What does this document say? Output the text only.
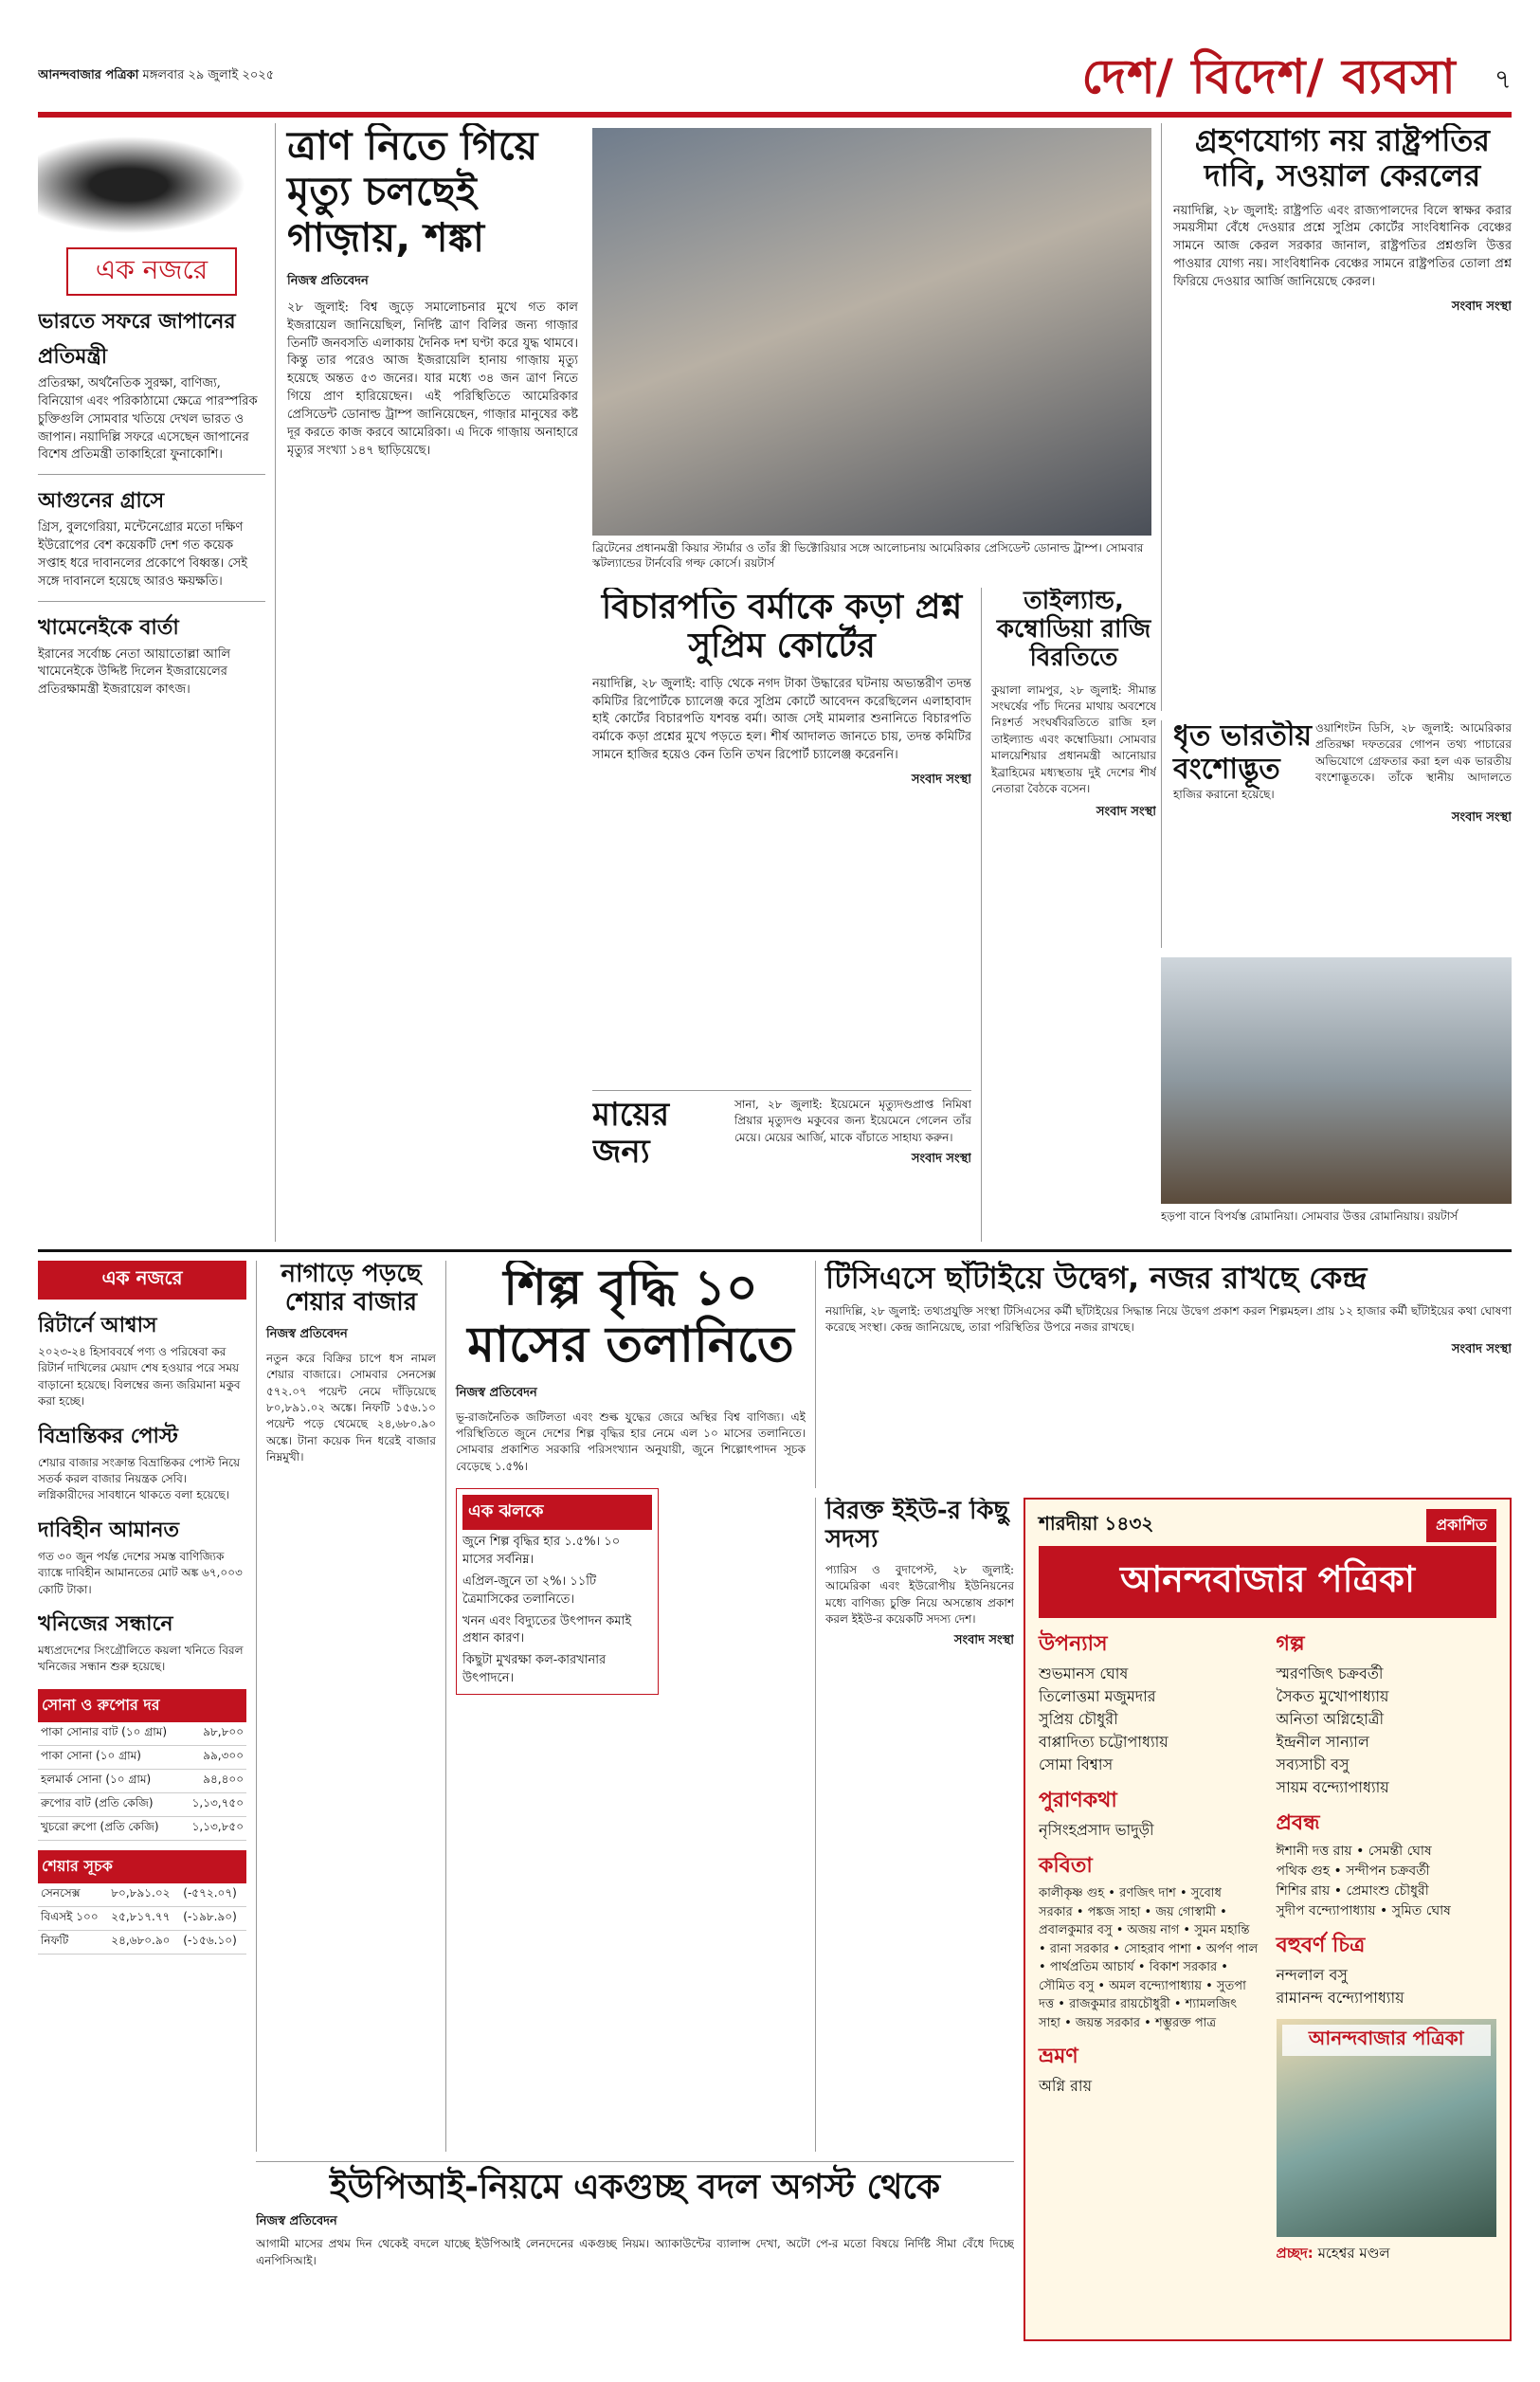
আনন্দবাজার পত্রিকা মঙ্গলবার ২৯ জুলাই ২০২৫	দেশ/ বিদেশ/ ব্যবসা ৭
এক নজরে
ভারতে সফরে জাপানের প্রতিমন্ত্রী
প্রতিরক্ষা, অর্থনৈতিক সুরক্ষা, বাণিজ্য, বিনিয়োগ এবং পরিকাঠামো ক্ষেত্রে পারস্পরিক চুক্তিগুলি সোমবার খতিয়ে দেখল ভারত ও জাপান। নয়াদিল্লি সফরে এসেছেন জাপানের বিশেষ প্রতিমন্ত্রী তাকাহিরো ফুনাকোশি।
আগুনের গ্রাসে
গ্রিস, বুলগেরিয়া, মন্টেনেগ্রোর মতো দক্ষিণ ইউরোপের বেশ কয়েকটি দেশ গত কয়েক সপ্তাহ ধরে দাবানলের প্রকোপে বিধ্বস্ত। সেই সঙ্গে দাবানলে হয়েছে আরও ক্ষয়ক্ষতি।
খামেনেইকে বার্তা
ইরানের সর্বোচ্চ নেতা আয়াতোল্লা আলি খামেনেইকে উদ্দিষ্ট দিলেন ইজরায়েলের প্রতিরক্ষামন্ত্রী ইজরায়েল কাৎজ।
ত্রাণ নিতে গিয়ে মৃত্যু চলছেই গাজ়ায়, শঙ্কা
নিজস্ব প্রতিবেদন
২৮ জুলাই: বিশ্ব জুড়ে সমালোচনার মুখে গত কাল ইজরায়েল জানিয়েছিল, নির্দিষ্ট ত্রাণ বিলির জন্য গাজ়ার তিনটি জনবসতি এলাকায় দৈনিক দশ ঘণ্টা করে যুদ্ধ থামবে। কিন্তু তার পরেও আজ ইজরায়েলি হানায় গাজ়ায় মৃত্যু হয়েছে অন্তত ৫৩ জনের। যার মধ্যে ৩৪ জন ত্রাণ নিতে গিয়ে প্রাণ হারিয়েছেন। এই পরিস্থিতিতে আমেরিকার প্রেসিডেন্ট ডোনাল্ড ট্রাম্প জানিয়েছেন, গাজ়ার মানুষের কষ্ট দূর করতে কাজ করবে আমেরিকা। এ দিকে গাজ়ায় অনাহারে মৃত্যুর সংখ্যা ১৪৭ ছাড়িয়েছে।
ব্রিটেনের প্রধানমন্ত্রী কিয়ার স্টার্মার ও তাঁর স্ত্রী ভিক্টোরিয়ার সঙ্গে আলোচনায় আমেরিকার প্রেসিডেন্ট ডোনাল্ড ট্রাম্প। সোমবার স্কটল্যান্ডের টার্নবেরি গল্ফ কোর্সে। রয়টার্স
গ্রহণযোগ্য নয় রাষ্ট্রপতির দাবি, সওয়াল কেরলের
নয়াদিল্লি, ২৮ জুলাই: রাষ্ট্রপতি এবং রাজ্যপালদের বিলে স্বাক্ষর করার সময়সীমা বেঁধে দেওয়ার প্রশ্নে সুপ্রিম কোর্টের সাংবিধানিক বেঞ্চের সামনে আজ কেরল সরকার জানাল, রাষ্ট্রপতির প্রশ্নগুলি উত্তর পাওয়ার যোগ্য নয়। সাংবিধানিক বেঞ্চের সামনে রাষ্ট্রপতির তোলা প্রশ্ন ফিরিয়ে দেওয়ার আর্জি জানিয়েছে কেরল।
সংবাদ সংস্থা
বিচারপতি বর্মাকে কড়া প্রশ্ন সুপ্রিম কোর্টের
নয়াদিল্লি, ২৮ জুলাই: বাড়ি থেকে নগদ টাকা উদ্ধারের ঘটনায় অভ্যন্তরীণ তদন্ত কমিটির রিপোর্টকে চ্যালেঞ্জ করে সুপ্রিম কোর্টে আবেদন করেছিলেন এলাহাবাদ হাই কোর্টের বিচারপতি যশবন্ত বর্মা। আজ সেই মামলার শুনানিতে বিচারপতি বর্মাকে কড়া প্রশ্নের মুখে পড়তে হল। শীর্ষ আদালত জানতে চায়, তদন্ত কমিটির সামনে হাজির হয়েও কেন তিনি তখন রিপোর্ট চ্যালেঞ্জ করেননি।
সংবাদ সংস্থা
তাইল্যান্ড, কম্বোডিয়া রাজি বিরতিতে
কুয়ালা লামপুর, ২৮ জুলাই: সীমান্ত সংঘর্ষের পাঁচ দিনের মাথায় অবশেষে নিঃশর্ত সংঘর্ষবিরতিতে রাজি হল তাইল্যান্ড এবং কম্বোডিয়া। সোমবার মালয়েশিয়ার প্রধানমন্ত্রী আনোয়ার ইব্রাহিমের মধ্যস্থতায় দুই দেশের শীর্ষ নেতারা বৈঠকে বসেন।
সংবাদ সংস্থা
ধৃত ভারতীয় বংশোদ্ভূত
ওয়াশিংটন ডিসি, ২৮ জুলাই: আমেরিকার প্রতিরক্ষা দফতরের গোপন তথ্য পাচারের অভিযোগে গ্রেফতার করা হল এক ভারতীয় বংশোদ্ভূতকে। তাঁকে স্থানীয় আদালতে হাজির করানো হয়েছে।
সংবাদ সংস্থা
মায়ের জন্য
সানা, ২৮ জুলাই: ইয়েমেনে মৃত্যুদণ্ডপ্রাপ্ত নিমিষা প্রিয়ার মৃত্যুদণ্ড মকুবের জন্য ইয়েমেনে গেলেন তাঁর মেয়ে। মেয়ের আর্জি, মাকে বাঁচাতে সাহায্য করুন।
সংবাদ সংস্থা
হড়পা বানে বিপর্যস্ত রোমানিয়া। সোমবার উত্তর রোমানিয়ায়। রয়টার্স
এক নজরে
রিটার্নে আশ্বাস
২০২৩-২৪ হিসাববর্ষে পণ্য ও পরিষেবা কর রিটার্ন দাখিলের মেয়াদ শেষ হওয়ার পরে সময় বাড়ানো হয়েছে। বিলম্বের জন্য জরিমানা মকুব করা হচ্ছে।
বিভ্রান্তিকর পোস্ট
শেয়ার বাজার সংক্রান্ত বিভ্রান্তিকর পোস্ট নিয়ে সতর্ক করল বাজার নিয়ন্ত্রক সেবি। লগ্নিকারীদের সাবধানে থাকতে বলা হয়েছে।
দাবিহীন আমানত
গত ৩০ জুন পর্যন্ত দেশের সমস্ত বাণিজ্যিক ব্যাঙ্কে দাবিহীন আমানতের মোট অঙ্ক ৬৭,০০৩ কোটি টাকা।
খনিজের সন্ধানে
মধ্যপ্রদেশের সিংগ্রৌলিতে কয়লা খনিতে বিরল খনিজের সন্ধান শুরু হয়েছে।
সোনা ও রুপোর দর
পাকা সোনার বাট (১০ গ্রাম)	৯৮,৮০০
পাকা সোনা (১০ গ্রাম)	৯৯,৩০০
হলমার্ক সোনা (১০ গ্রাম)	৯৪,৪০০
রুপোর বাট (প্রতি কেজি)	১,১৩,৭৫০
খুচরো রুপো (প্রতি কেজি)	১,১৩,৮৫০
শেয়ার সূচক
সেনসেক্স	৮০,৮৯১.০২	(-৫৭২.০৭)
বিএসই ১০০	২৫,৮১৭.৭৭	(-১৯৮.৯০)
নিফটি	২৪,৬৮০.৯০	(-১৫৬.১০)
নাগাড়ে পড়ছে শেয়ার বাজার
নিজস্ব প্রতিবেদন
নতুন করে বিক্রির চাপে ধস নামল শেয়ার বাজারে। সোমবার সেনসেক্স ৫৭২.০৭ পয়েন্ট নেমে দাঁড়িয়েছে ৮০,৮৯১.০২ অঙ্কে। নিফটি ১৫৬.১০ পয়েন্ট পড়ে থেমেছে ২৪,৬৮০.৯০ অঙ্কে। টানা কয়েক দিন ধরেই বাজার নিম্নমুখী।
শিল্প বৃদ্ধি ১০ মাসের তলানিতে
নিজস্ব প্রতিবেদন
ভূ-রাজনৈতিক জটিলতা এবং শুল্ক যুদ্ধের জেরে অস্থির বিশ্ব বাণিজ্য। এই পরিস্থিতিতে জুনে দেশের শিল্প বৃদ্ধির হার নেমে এল ১০ মাসের তলানিতে। সোমবার প্রকাশিত সরকারি পরিসংখ্যান অনুযায়ী, জুনে শিল্পোৎপাদন সূচক বেড়েছে ১.৫%।
এক ঝলকে
জুনে শিল্প বৃদ্ধির হার ১.৫%। ১০ মাসের সর্বনিম্ন।
এপ্রিল-জুনে তা ২%। ১১টি ত্রৈমাসিকের তলানিতে।
খনন এবং বিদ্যুতের উৎপাদন কমাই প্রধান কারণ।
কিছুটা মুখরক্ষা কল-কারখানার উৎপাদনে।
টিসিএসে ছাঁটাইয়ে উদ্বেগ, নজর রাখছে কেন্দ্র
নয়াদিল্লি, ২৮ জুলাই: তথ্যপ্রযুক্তি সংস্থা টিসিএসের কর্মী ছাঁটাইয়ের সিদ্ধান্ত নিয়ে উদ্বেগ প্রকাশ করল শিল্পমহল। প্রায় ১২ হাজার কর্মী ছাঁটাইয়ের কথা ঘোষণা করেছে সংস্থা। কেন্দ্র জানিয়েছে, তারা পরিস্থিতির উপরে নজর রাখছে।
সংবাদ সংস্থা
বিরক্ত ইইউ-র কিছু সদস্য
প্যারিস ও বুদাপেস্ট, ২৮ জুলাই: আমেরিকা এবং ইউরোপীয় ইউনিয়নের মধ্যে বাণিজ্য চুক্তি নিয়ে অসন্তোষ প্রকাশ করল ইইউ-র কয়েকটি সদস্য দেশ।
সংবাদ সংস্থা
শারদীয়া ১৪৩২	প্রকাশিত
আনন্দবাজার পত্রিকা
উপন্যাস
শুভমানস ঘোষ
তিলোত্তমা মজুমদার
সুপ্রিয় চৌধুরী
বাপ্পাদিত্য চট্টোপাধ্যায়
সোমা বিশ্বাস
পুরাণকথা
নৃসিংহপ্রসাদ ভাদুড়ী
কবিতা
কালীকৃষ্ণ গুহ • রণজিৎ দাশ • সুবোধ সরকার • পঙ্কজ সাহা • জয় গোস্বামী • প্রবালকুমার বসু • অজয় নাগ • সুমন মহান্তি • রানা সরকার • সোহরাব পাশা • অর্পণ পাল • পার্থপ্রতিম আচার্য • বিকাশ সরকার • সৌমিত বসু • অমল বন্দ্যোপাধ্যায় • সুতপা দত্ত • রাজকুমার রায়চৌধুরী • শ্যামলজিৎ সাহা • জয়ন্ত সরকার • শম্ভুরক্ত পাত্র
ভ্রমণ
অগ্নি রায়
গল্প
স্মরণজিৎ চক্রবর্তী
সৈকত মুখোপাধ্যায়
অনিতা অগ্নিহোত্রী
ইন্দ্রনীল সান্যাল
সব্যসাচী বসু
সায়ম বন্দ্যোপাধ্যায়
প্রবন্ধ
ঈশানী দত্ত রায় • সেমন্তী ঘোষ
পথিক গুহ • সন্দীপন চক্রবর্তী
শিশির রায় • প্রেমাংশু চৌধুরী
সুদীপ বন্দ্যোপাধ্যায় • সুমিত ঘোষ
বহুবর্ণ চিত্র
নন্দলাল বসু
রামানন্দ বন্দ্যোপাধ্যায়
আনন্দবাজার পত্রিকা
প্রচ্ছদ: মহেশ্বর মণ্ডল
ইউপিআই-নিয়মে একগুচ্ছ বদল অগস্ট থেকে
নিজস্ব প্রতিবেদন
আগামী মাসের প্রথম দিন থেকেই বদলে যাচ্ছে ইউপিআই লেনদেনের একগুচ্ছ নিয়ম। অ্যাকাউন্টের ব্যালান্স দেখা, অটো পে-র মতো বিষয়ে নির্দিষ্ট সীমা বেঁধে দিচ্ছে এনপিসিআই।
